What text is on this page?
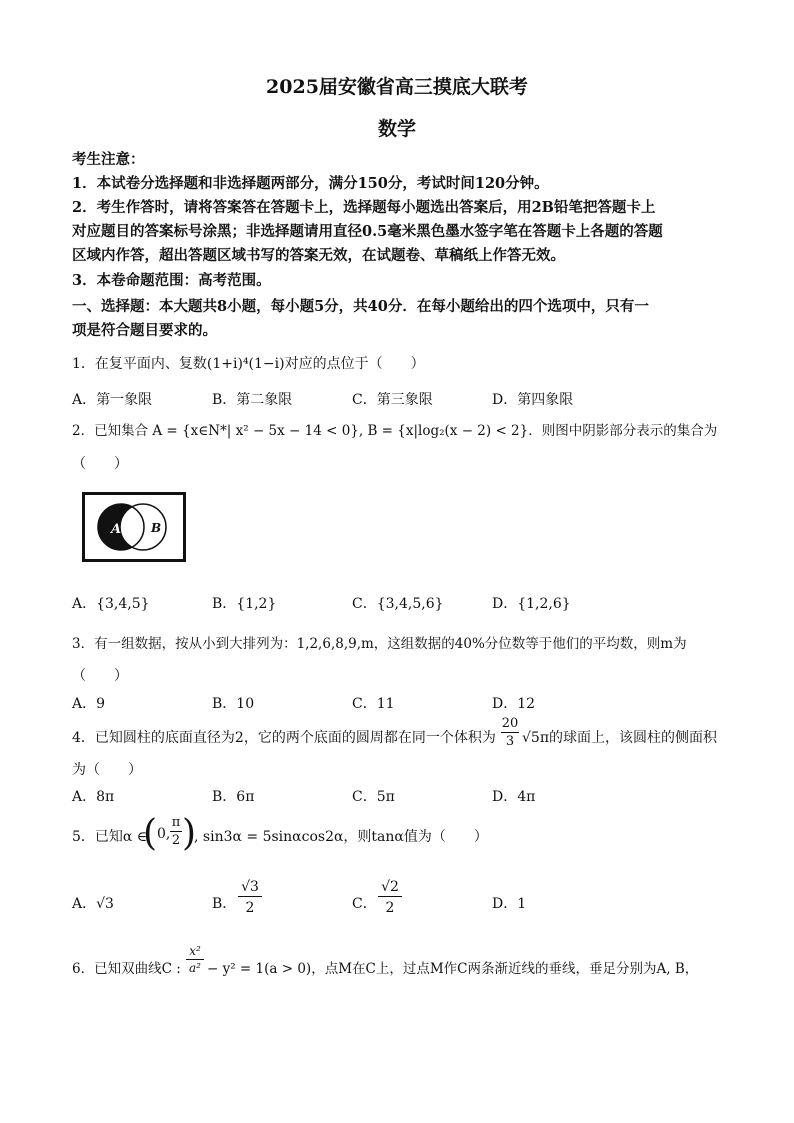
2025届安徽省高三摸底大联考
数学
考生注意：
1．本试卷分选择题和非选择题两部分，满分150分，考试时间120分钟。
2．考生作答时，请将答案答在答题卡上，选择题每小题选出答案后，用2B铅笔把答题卡上
对应题目的答案标号涂黑；非选择题请用直径0.5毫米黑色墨水签字笔在答题卡上各题的答题
区域内作答，超出答题区域书写的答案无效，在试题卷、草稿纸上作答无效。
3．本卷命题范围：高考范围。
一、选择题：本大题共8小题，每小题5分，共40分．在每小题给出的四个选项中，只有一
项是符合题目要求的。
1．在复平面内、复数(1+i)⁴(1−i)对应的点位于（　　）
A．第一象限	B．第二象限	C．第三象限	D．第四象限
2．已知集合 A = {x∈N*| x² − 5x − 14 < 0}, B = {x|log₂(x − 2) < 2}．则图中阴影部分表示的集合为
（　　）
A B
A．{3,4,5}	B．{1,2}	C．{3,4,5,6}	D．{1,2,6}
3．有一组数据，按从小到大排列为：1,2,6,8,9,m，这组数据的40%分位数等于他们的平均数，则m为
（　　）
A．9	B．10	C．11	D．12
4．已知圆柱的底面直径为2，它的两个底面的圆周都在同一个体积为
20
3 √5π的球面上，该圆柱的侧面积
为（　　）
A．8π	B．6π	C．5π	D．4π
5．已知α ∈
( 0,
π
2 )
, sin3α = 5sinαcos2α，则tanα值为（　　）
A．√3	B．
√3
2	C．
√2
2	D．1
6．已知双曲线C :
x²
a² − y² = 1(a > 0)，点M在C上，过点M作C两条渐近线的垂线，垂足分别为A, B，
